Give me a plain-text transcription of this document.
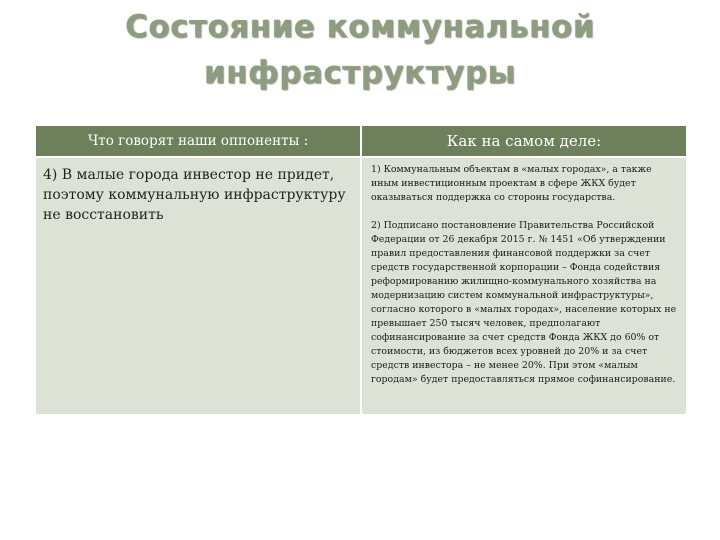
Состояние коммунальной
инфраструктуры
Что говорят наши оппоненты :	Как на самом деле:

4) В малые города инвестор не придет, поэтому коммунальную инфраструктуру не восстановить	1) Коммунальным объектам в «малых городах», а также иным инвестиционным проектам в сфере ЖКХ будет оказываться поддержка со стороны государства.
2) Подписано постановление Правительства Российской Федерации от 26 декабря 2015 г. № 1451 «Об утверждении правил предоставления финансовой поддержки за счет средств государственной корпорации – Фонда содействия реформированию жилищно-коммунального хозяйства на модернизацию систем коммунальной инфраструктуры», согласно которого в «малых городах», население которых не превышает 250 тысяч человек, предполагают софинансирование за счет средств Фонда ЖКХ до 60% от стоимости, из бюджетов всех уровней до 20% и за счет средств инвестора – не менее 20%. При этом «малым городам» будет предоставляться прямое софинансирование.
